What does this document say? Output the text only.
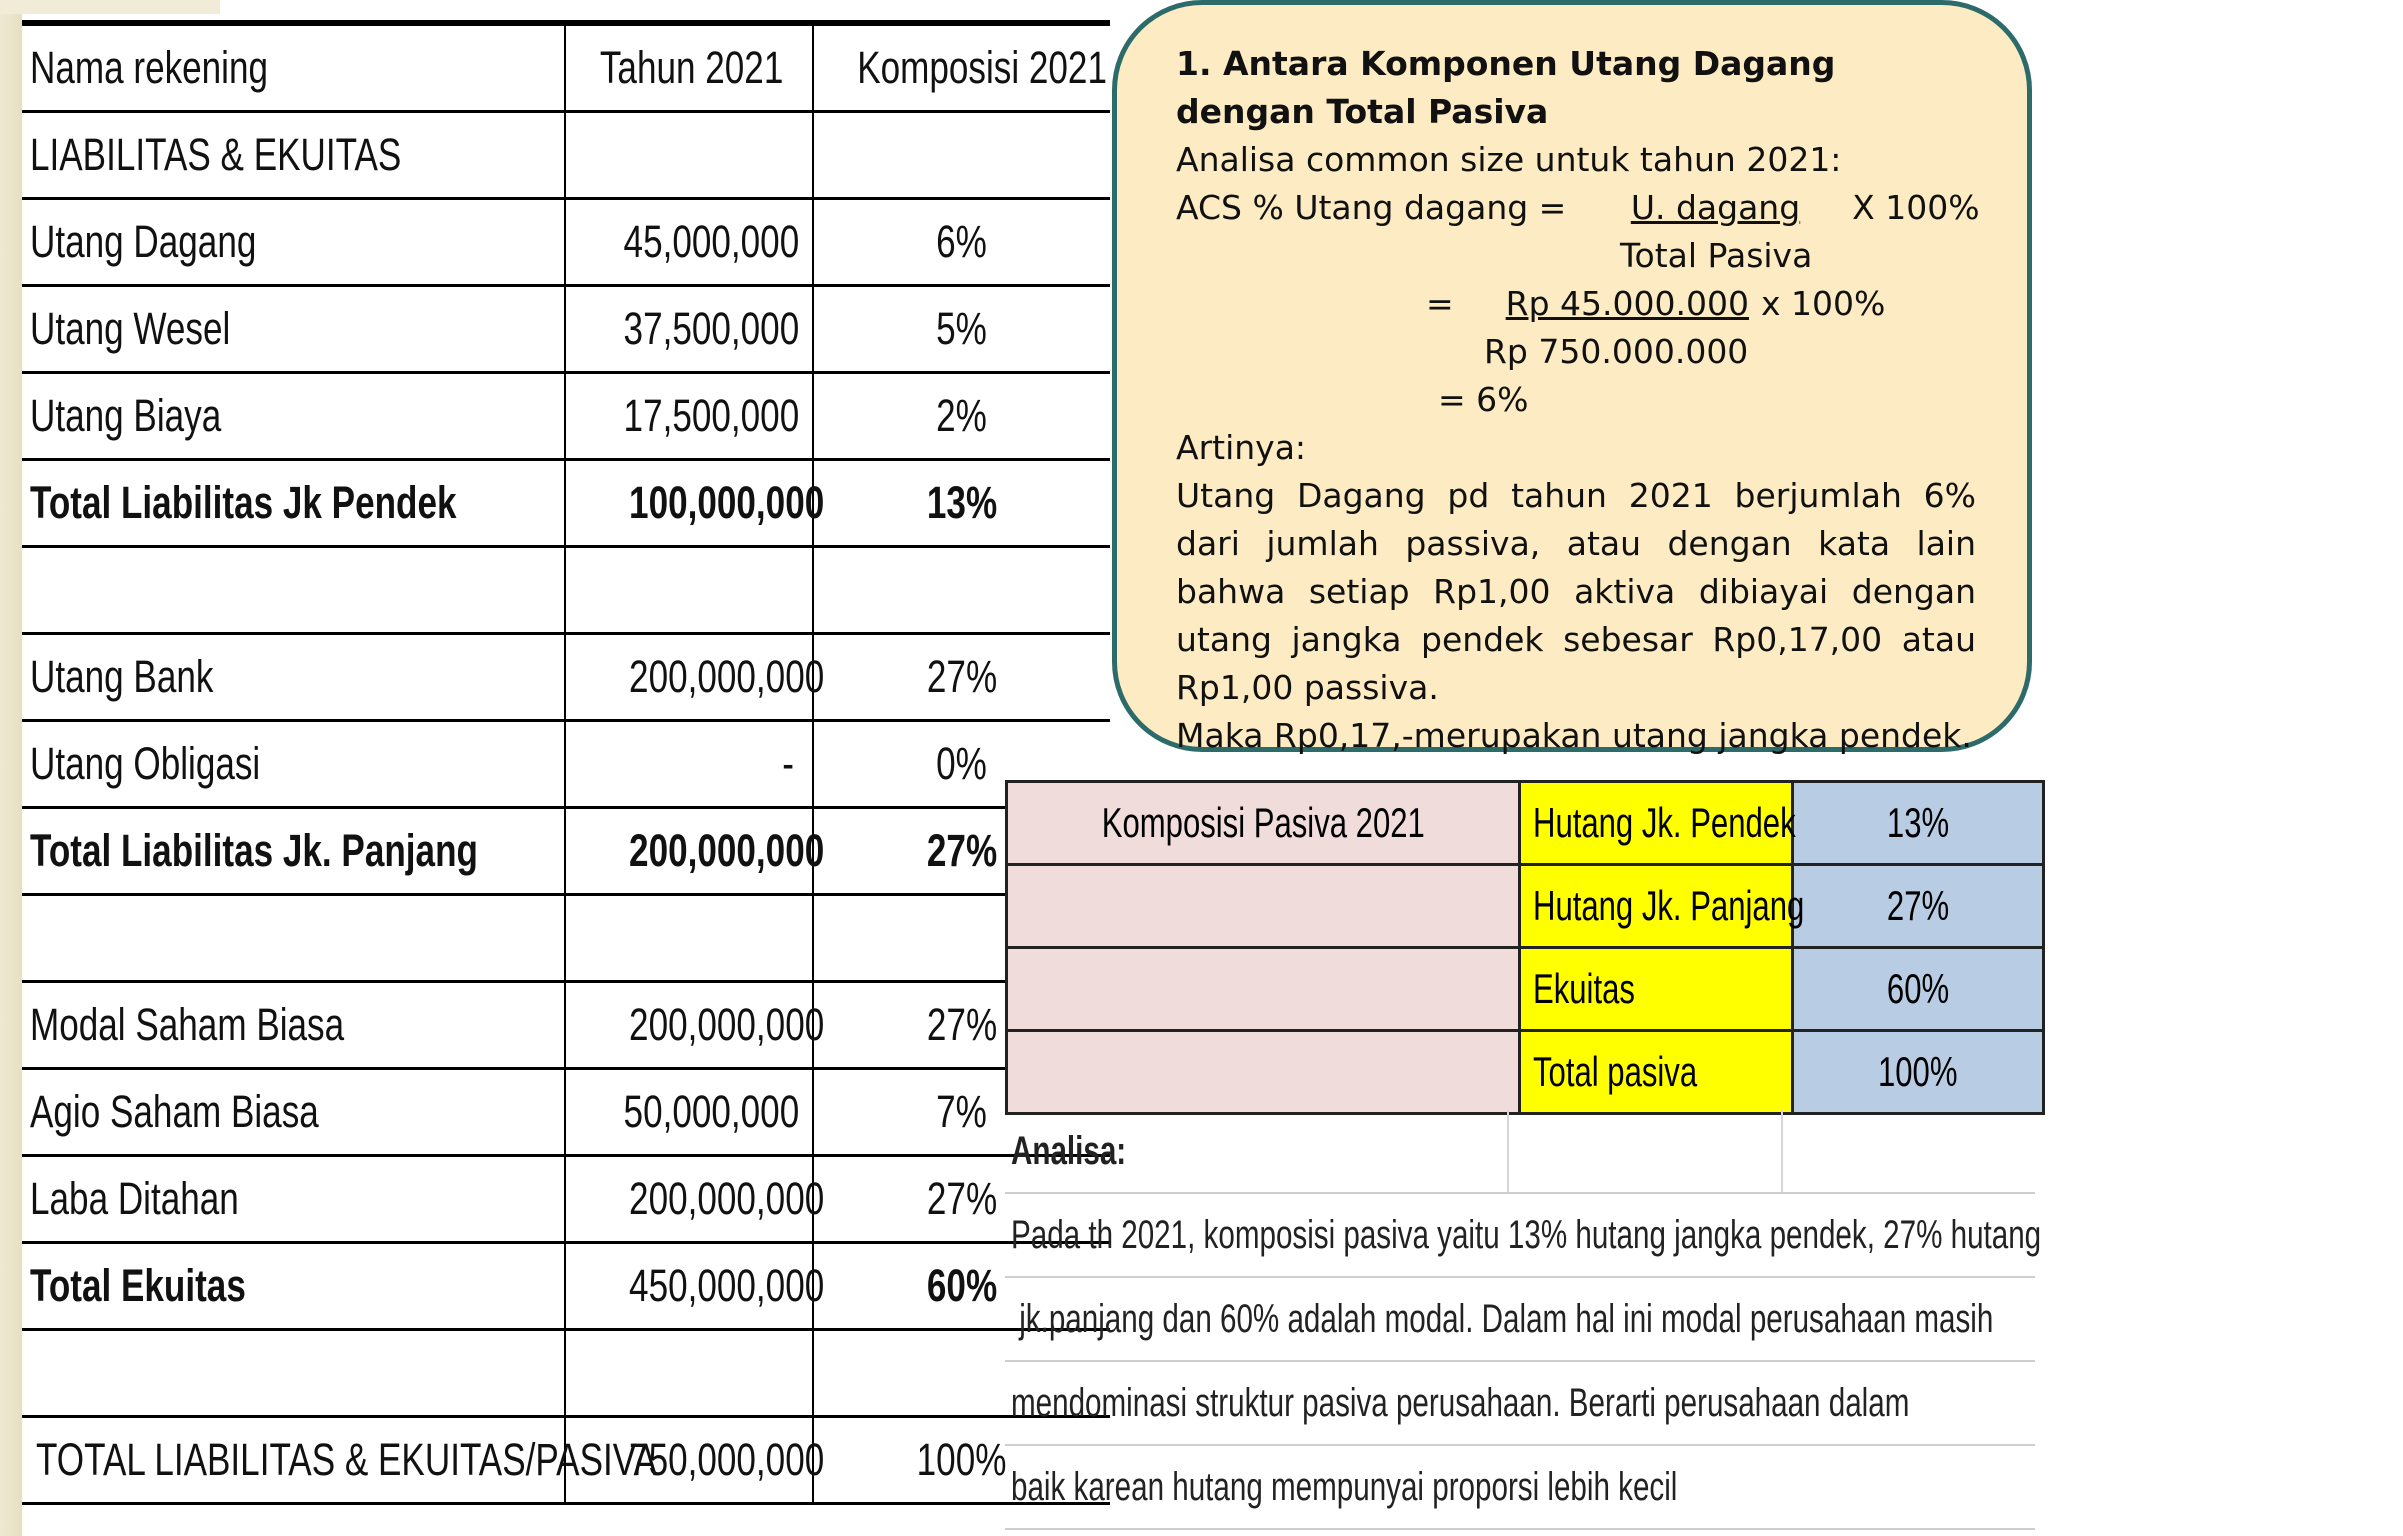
Nama rekening	Tahun 2021	Komposisi 2021
LIABILITAS & EKUITAS		
Utang Dagang	45,000,000	6%
Utang Wesel	37,500,000	5%
Utang Biaya	17,500,000	2%
Total Liabilitas Jk Pendek	100,000,000	13%

Utang Bank	200,000,000	27%
Utang Obligasi	-	0%
Total Liabilitas Jk. Panjang	200,000,000	27%

Modal Saham Biasa	200,000,000	27%
Agio Saham Biasa	50,000,000	7%
Laba Ditahan	200,000,000	27%
Total Ekuitas	450,000,000	60%

TOTAL LIABILITAS & EKUITAS/PASIVA	750,000,000	100%
1. Antara Komponen Utang Dagang
dengan Total Pasiva
Analisa common size untuk tahun 2021:
ACS % Utang dagang = U. dagang X 100%
Total Pasiva
= Rp 45.000.000 x 100%
Rp 750.000.000
= 6%
Artinya:
Utang Dagang pd tahun 2021 berjumlah 6% dari jumlah passiva, atau dengan kata lain bahwa setiap Rp1,00 aktiva dibiayai dengan utang jangka pendek sebesar Rp0,17,00 atau Rp1,00 passiva.
Maka Rp0,17,-merupakan utang jangka pendek.
Komposisi Pasiva 2021	Hutang Jk. Pendek	13%
	Hutang Jk. Panjang	27%
	Ekuitas	60%
	Total pasiva	100%
Analisa:		
Pada th 2021, komposisi pasiva yaitu 13% hutang jangka pendek, 27% hutang
jk.panjang dan 60% adalah modal. Dalam hal ini modal perusahaan masih
mendominasi struktur pasiva perusahaan. Berarti perusahaan dalam
baik karean hutang mempunyai proporsi lebih kecil
